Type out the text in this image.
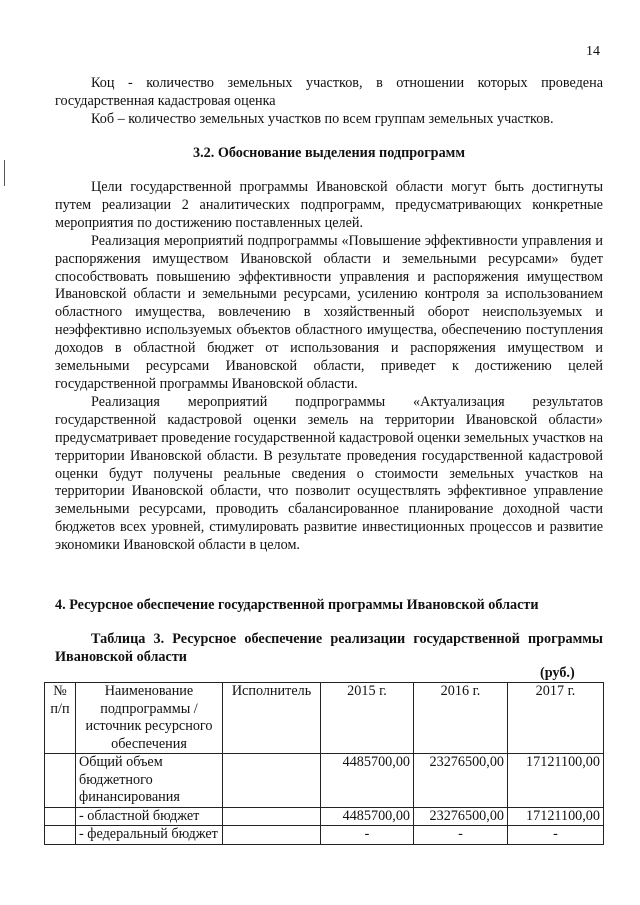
14

Коц - количество земельных участков, в отношении которых проведена государственная кадастровая оценка

Коб – количество земельных участков по всем группам земельных участков.

3.2. Обоснование выделения подпрограмм

Цели государственной программы Ивановской области могут быть достигнуты путем реализации 2 аналитических подпрограмм, предусматривающих конкретные мероприятия по достижению поставленных целей.

Реализация мероприятий подпрограммы «Повышение эффективности управления и распоряжения имуществом Ивановской области и земельными ресурсами» будет способствовать повышению эффективности управления и распоряжения имуществом Ивановской области и земельными ресурсами, усилению контроля за использованием областного имущества, вовлечению в хозяйственный оборот неиспользуемых и неэффективно используемых объектов областного имущества, обеспечению поступления доходов в областной бюджет от использования и распоряжения имуществом и земельными ресурсами Ивановской области, приведет к достижению целей государственной программы Ивановской области.

Реализация мероприятий подпрограммы «Актуализация результатов государственной кадастровой оценки земель на территории Ивановской области» предусматривает проведение государственной кадастровой оценки земельных участков на территории Ивановской области. В результате проведения государственной кадастровой оценки будут получены реальные сведения о стоимости земельных участков на территории Ивановской области, что позволит осуществлять эффективное управление земельными ресурсами, проводить сбалансированное планирование доходной части бюджетов всех уровней, стимулировать развитие инвестиционных процессов и развитие экономики Ивановской области в целом.

4. Ресурсное обеспечение государственной программы Ивановской области

Таблица 3. Ресурсное обеспечение реализации государственной программы Ивановской области

(руб.)
№ п/п	Наименование подпрограммы / источник ресурсного обеспечения	Исполнитель	2015 г.	2016 г.	2017 г.
	Общий объем бюджетного финансирования		4485700,00	23276500,00	17121100,00
	- областной бюджет		4485700,00	23276500,00	17121100,00
	- федеральный бюджет		-	-	-
